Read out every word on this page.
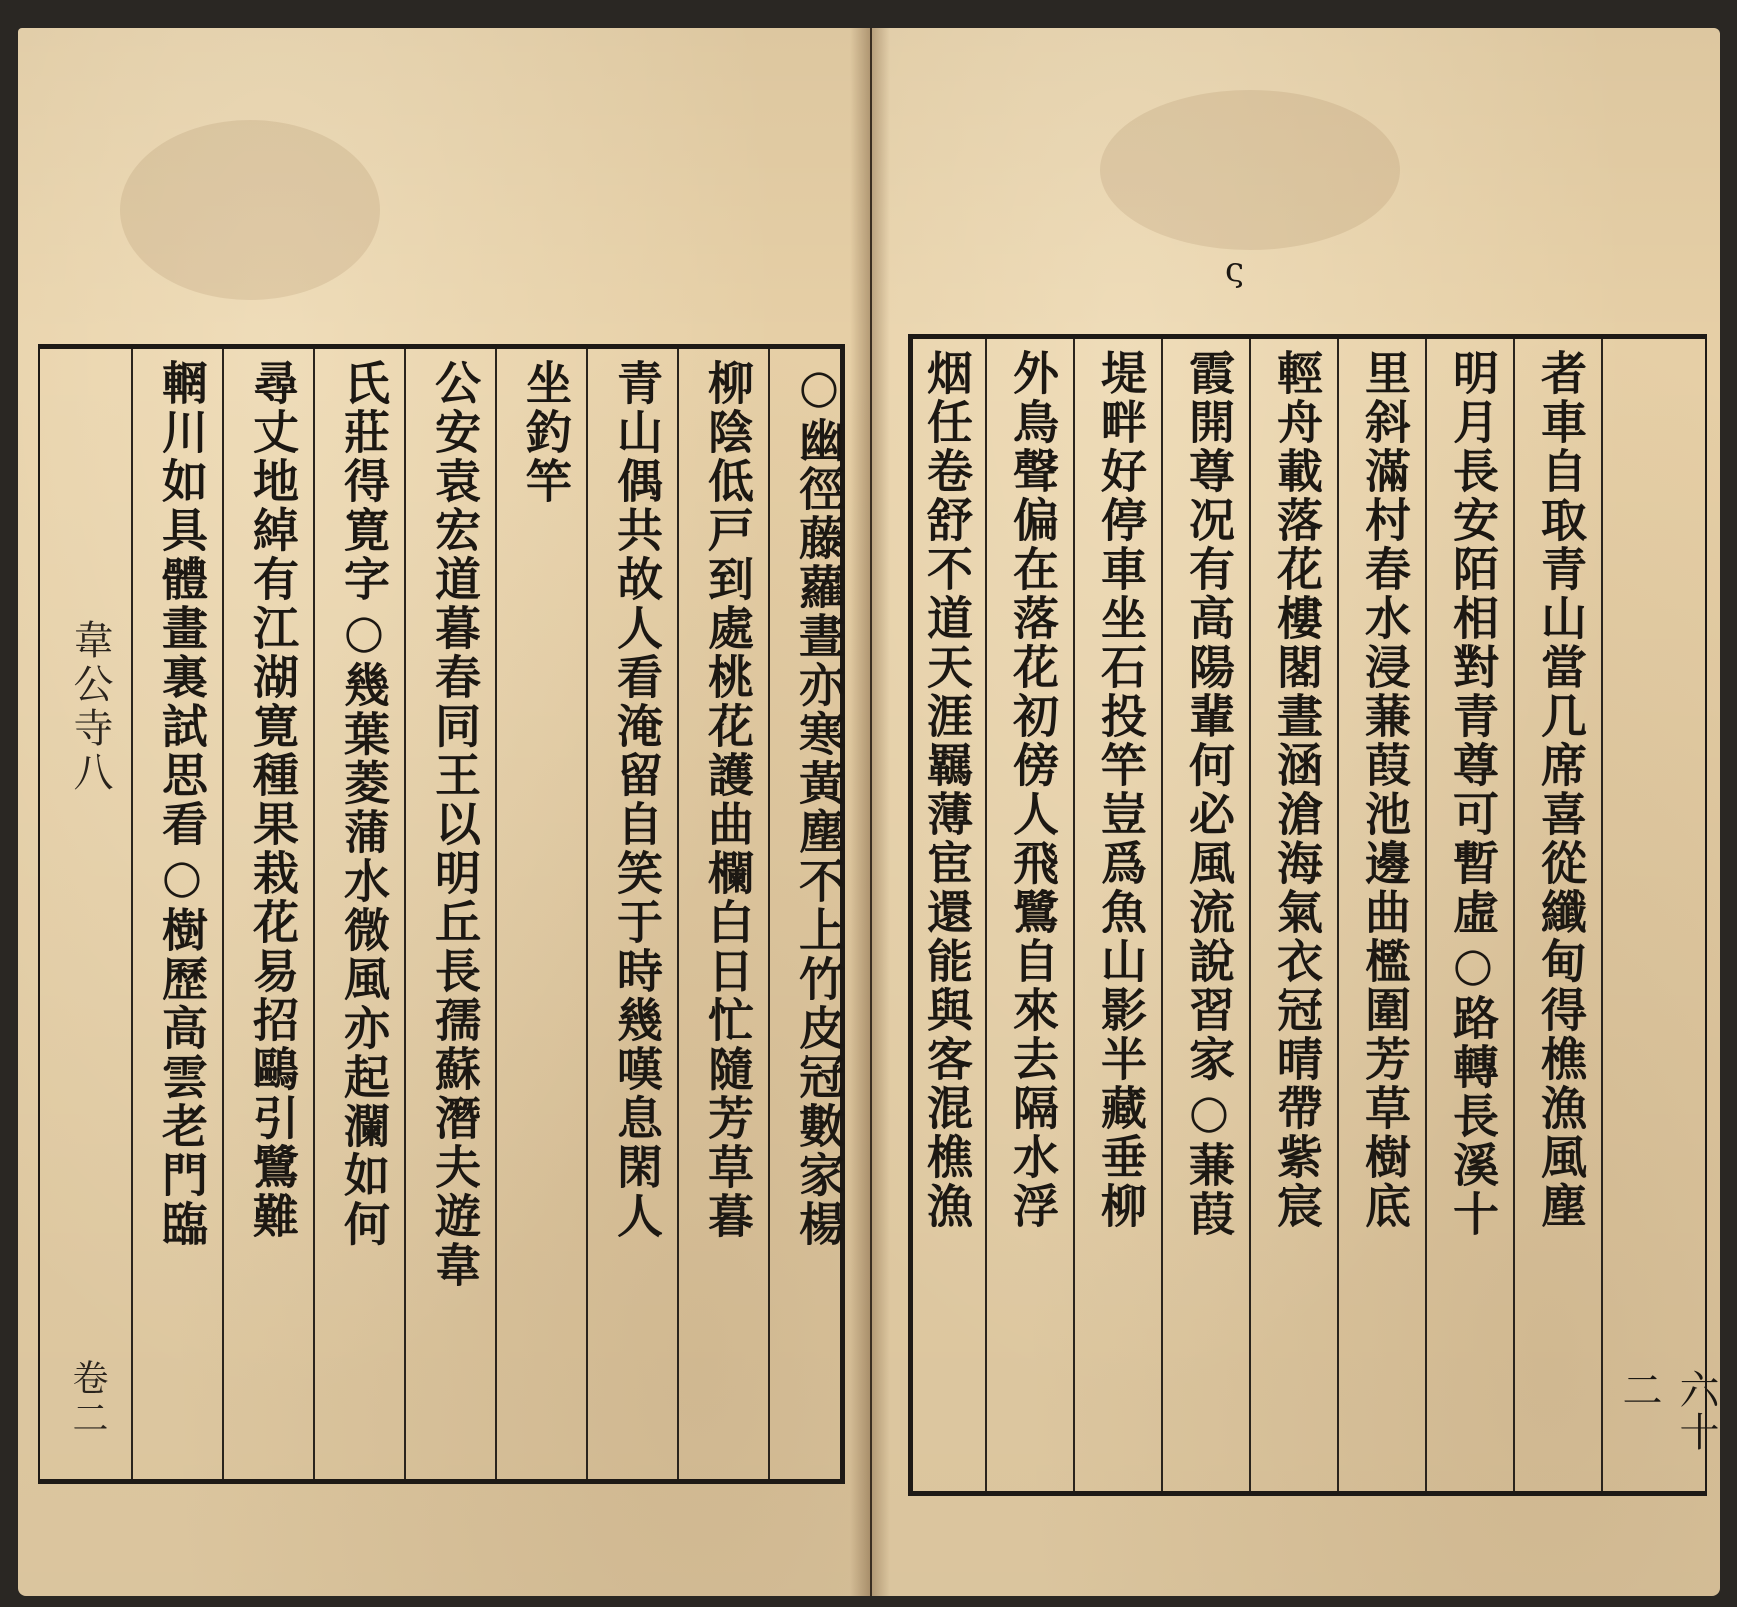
ς
○幽徑藤蘿晝亦寒黃塵不上竹皮冠數家楊
柳陰低戸到處桃花護曲欄白日忙隨芳草暮
青山偶共故人看淹留自笑于時幾嘆息閑人
坐釣竿
公安袁宏道暮春同王以明丘長孺蘇潛夫遊韋
氏莊得寛字○幾葉菱蒲水微風亦起瀾如何
尋丈地綽有江湖寛種果栽花易招鷗引鷺難
輞川如具體畫裏試思看○樹歷高雲老門臨
韋公寺八
卷二
者車自取青山當几席喜從纖甸得樵漁風塵
明月長安陌相對青尊可暫虛○路轉長溪十
里斜滿村春水浸蒹葭池邊曲檻圍芳草樹底
輕舟載落花樓閣晝涵滄海氣衣冠晴帶紫宸
霞開尊况有高陽輩何必風流說習家○蒹葭
堤畔好停車坐石投竿豈爲魚山影半藏垂柳
外鳥聲偏在落花初傍人飛鷺自來去隔水浮
烟任卷舒不道天涯羈薄宦還能與客混樵漁
六十二
